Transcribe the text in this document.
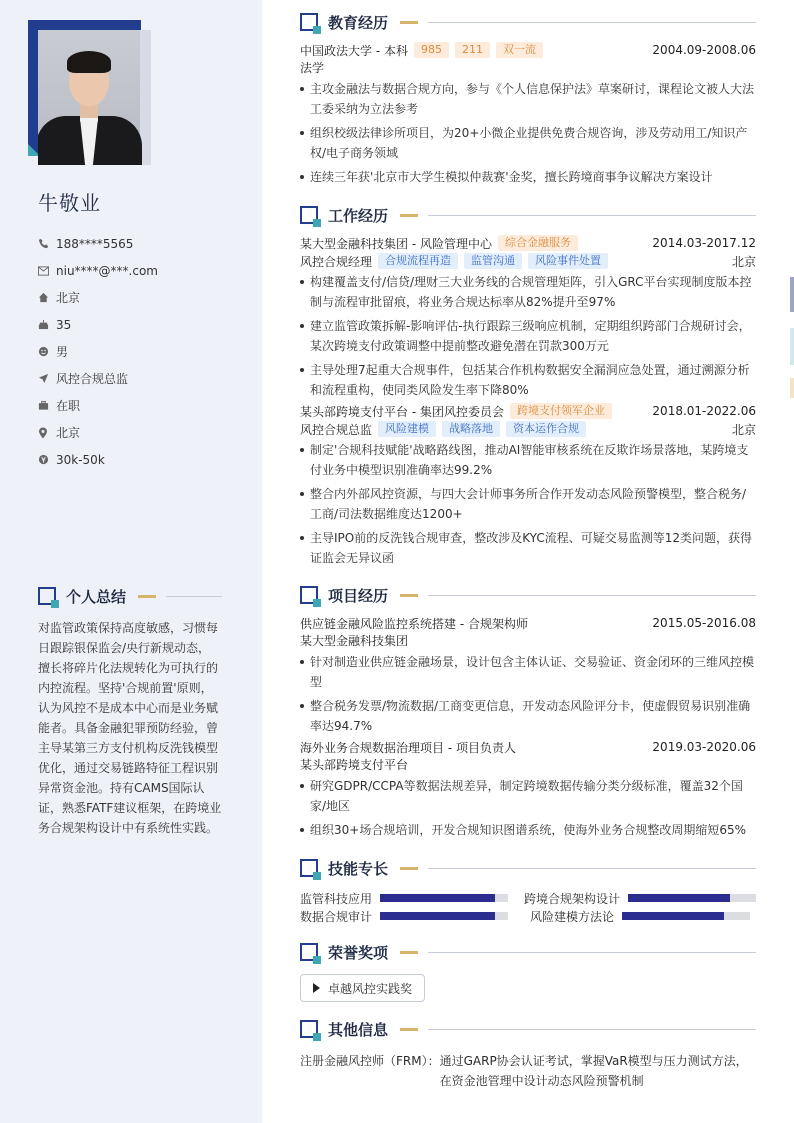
牛敬业
188****5565
niu****@***.com
北京
35
男
风控合规总监
在职
北京
30k-50k
个人总结

对监管政策保持高度敏感，习惯每日跟踪银保监会/央行新规动态，擅长将碎片化法规转化为可执行的内控流程。坚持'合规前置'原则，认为风控不是成本中心而是业务赋能者。具备金融犯罪预防经验，曾主导某第三方支付机构反洗钱模型优化，通过交易链路特征工程识别异常资金池。持有CAMS国际认证，熟悉FATF建议框架，在跨境业务合规架构设计中有系统性实践。

教育经历
中国政法大学 - 本科	985	211	双一流	2004.09-2008.06
法学
主攻金融法与数据合规方向，参与《个人信息保护法》草案研讨，课程论文被人大法工委采纳为立法参考
组织校级法律诊所项目，为20+小微企业提供免费合规咨询，涉及劳动用工/知识产权/电子商务领域
连续三年获'北京市大学生模拟仲裁赛'金奖，擅长跨境商事争议解决方案设计
工作经历
某大型金融科技集团 - 风险管理中心	综合金融服务	2014.03-2017.12
风控合规经理	合规流程再造	监管沟通	风险事件处置	北京
构建覆盖支付/信贷/理财三大业务线的合规管理矩阵，引入GRC平台实现制度版本控制与流程审批留痕，将业务合规达标率从82%提升至97%
建立监管政策拆解-影响评估-执行跟踪三级响应机制，定期组织跨部门合规研讨会，某次跨境支付政策调整中提前整改避免潜在罚款300万元
主导处理7起重大合规事件，包括某合作机构数据安全漏洞应急处置，通过溯源分析和流程重构，使同类风险发生率下降80%
某头部跨境支付平台 - 集团风控委员会	跨境支付领军企业	2018.01-2022.06
风控合规总监	风险建模	战略落地	资本运作合规	北京
制定'合规科技赋能'战略路线图，推动AI智能审核系统在反欺诈场景落地，某跨境支付业务中模型识别准确率达99.2%
整合内外部风控资源，与四大会计师事务所合作开发动态风险预警模型，整合税务/工商/司法数据维度达1200+
主导IPO前的反洗钱合规审查，整改涉及KYC流程、可疑交易监测等12类问题，获得证监会无异议函
项目经历
供应链金融风险监控系统搭建 - 合规架构师	2015.05-2016.08
某大型金融科技集团
针对制造业供应链金融场景，设计包含主体认证、交易验证、资金闭环的三维风控模型
整合税务发票/物流数据/工商变更信息，开发动态风险评分卡，使虚假贸易识别准确率达94.7%
海外业务合规数据治理项目 - 项目负责人	2019.03-2020.06
某头部跨境支付平台
研究GDPR/CCPA等数据法规差异，制定跨境数据传输分类分级标准，覆盖32个国家/地区
组织30+场合规培训，开发合规知识图谱系统，使海外业务合规整改周期缩短65%
技能专长
监管科技应用	跨境合规架构设计
数据合规审计	风险建模方法论
荣誉奖项
卓越风控实践奖
其他信息
注册金融风控师（FRM）： 通过GARP协会认证考试，掌握VaR模型与压力测试方法，在资金池管理中设计动态风险预警机制
